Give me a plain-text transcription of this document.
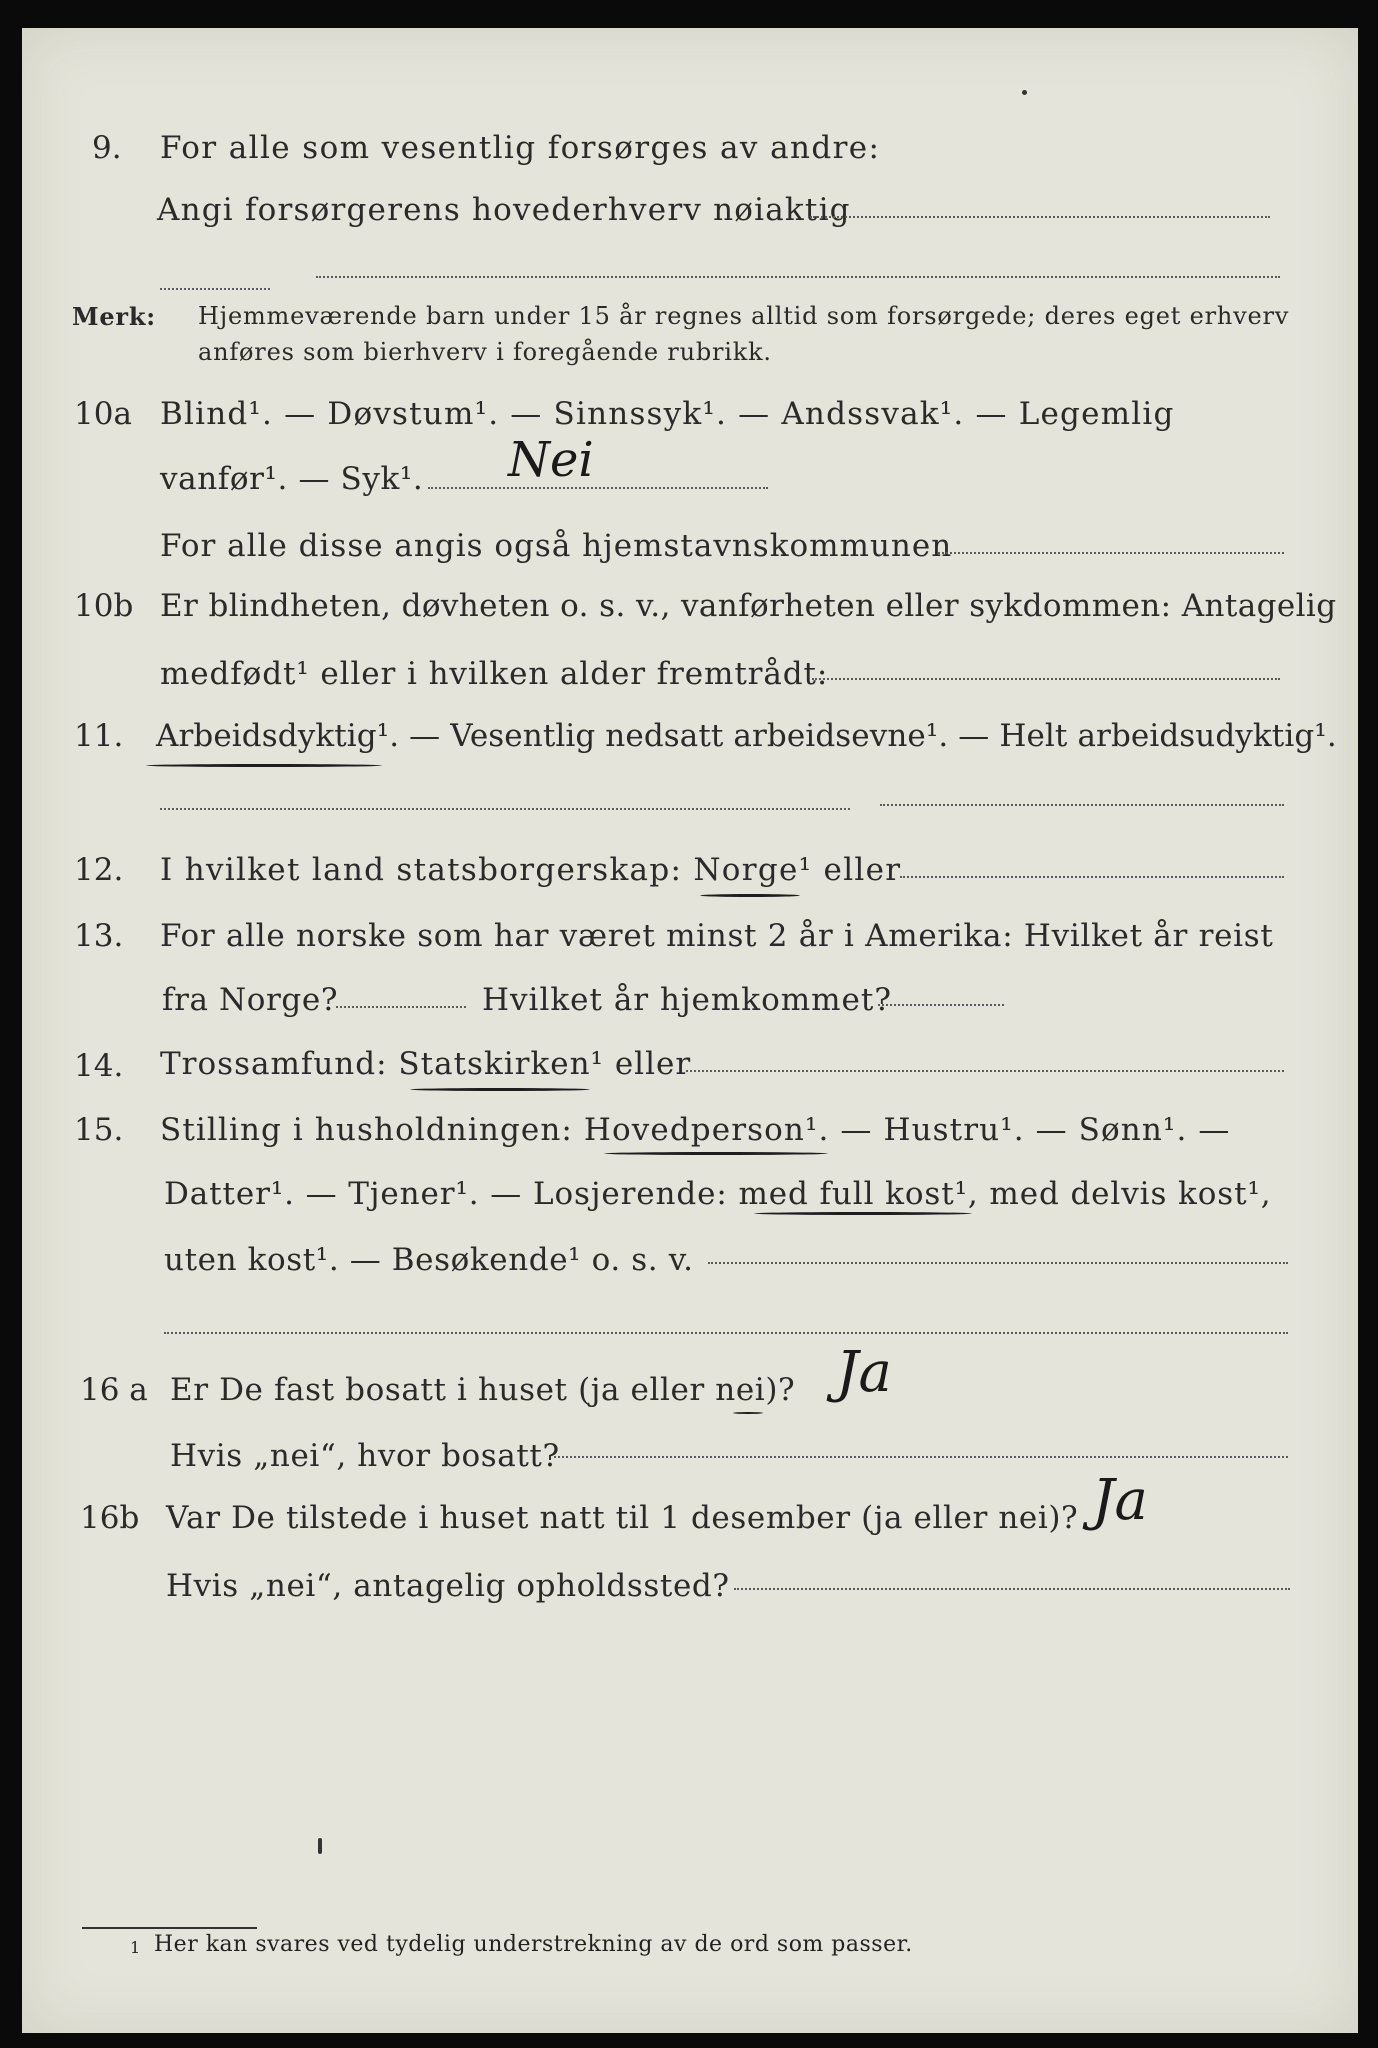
9. For alle som vesentlig forsørges av andre:
Angi forsørgerens hovederhverv nøiaktig
Merk: Hjemmeværende barn under 15 år regnes alltid som forsørgede; deres eget erhverv
anføres som bierhverv i foregående rubrikk.
10a Blind¹. — Døvstum¹. — Sinnssyk¹. — Andssvak¹. — Legemlig
vanfør¹. — Syk¹. Nei
For alle disse angis også hjemstavnskommunen
10b Er blindheten, døvheten o. s. v., vanførheten eller sykdommen: Antagelig
medfødt¹ eller i hvilken alder fremtrådt:
11. Arbeidsdyktig¹. — Vesentlig nedsatt arbeidsevne¹. — Helt arbeidsudyktig¹.
12. I hvilket land statsborgerskap: Norge¹ eller
13. For alle norske som har været minst 2 år i Amerika: Hvilket år reist
fra Norge?	Hvilket år hjemkommet?
14. Trossamfund: Statskirken¹ eller
15. Stilling i husholdningen: Hovedperson¹. — Hustru¹. — Sønn¹. —
Datter¹. — Tjener¹. — Losjerende: med full kost¹, med delvis kost¹,
uten kost¹. — Besøkende¹ o. s. v.
16 a Er De fast bosatt i huset (ja eller nei)? Ja
Hvis „nei“, hvor bosatt?
16b Var De tilstede i huset natt til 1 desember (ja eller nei)? Ja
Hvis „nei“, antagelig opholdssted?
1 Her kan svares ved tydelig understrekning av de ord som passer.
